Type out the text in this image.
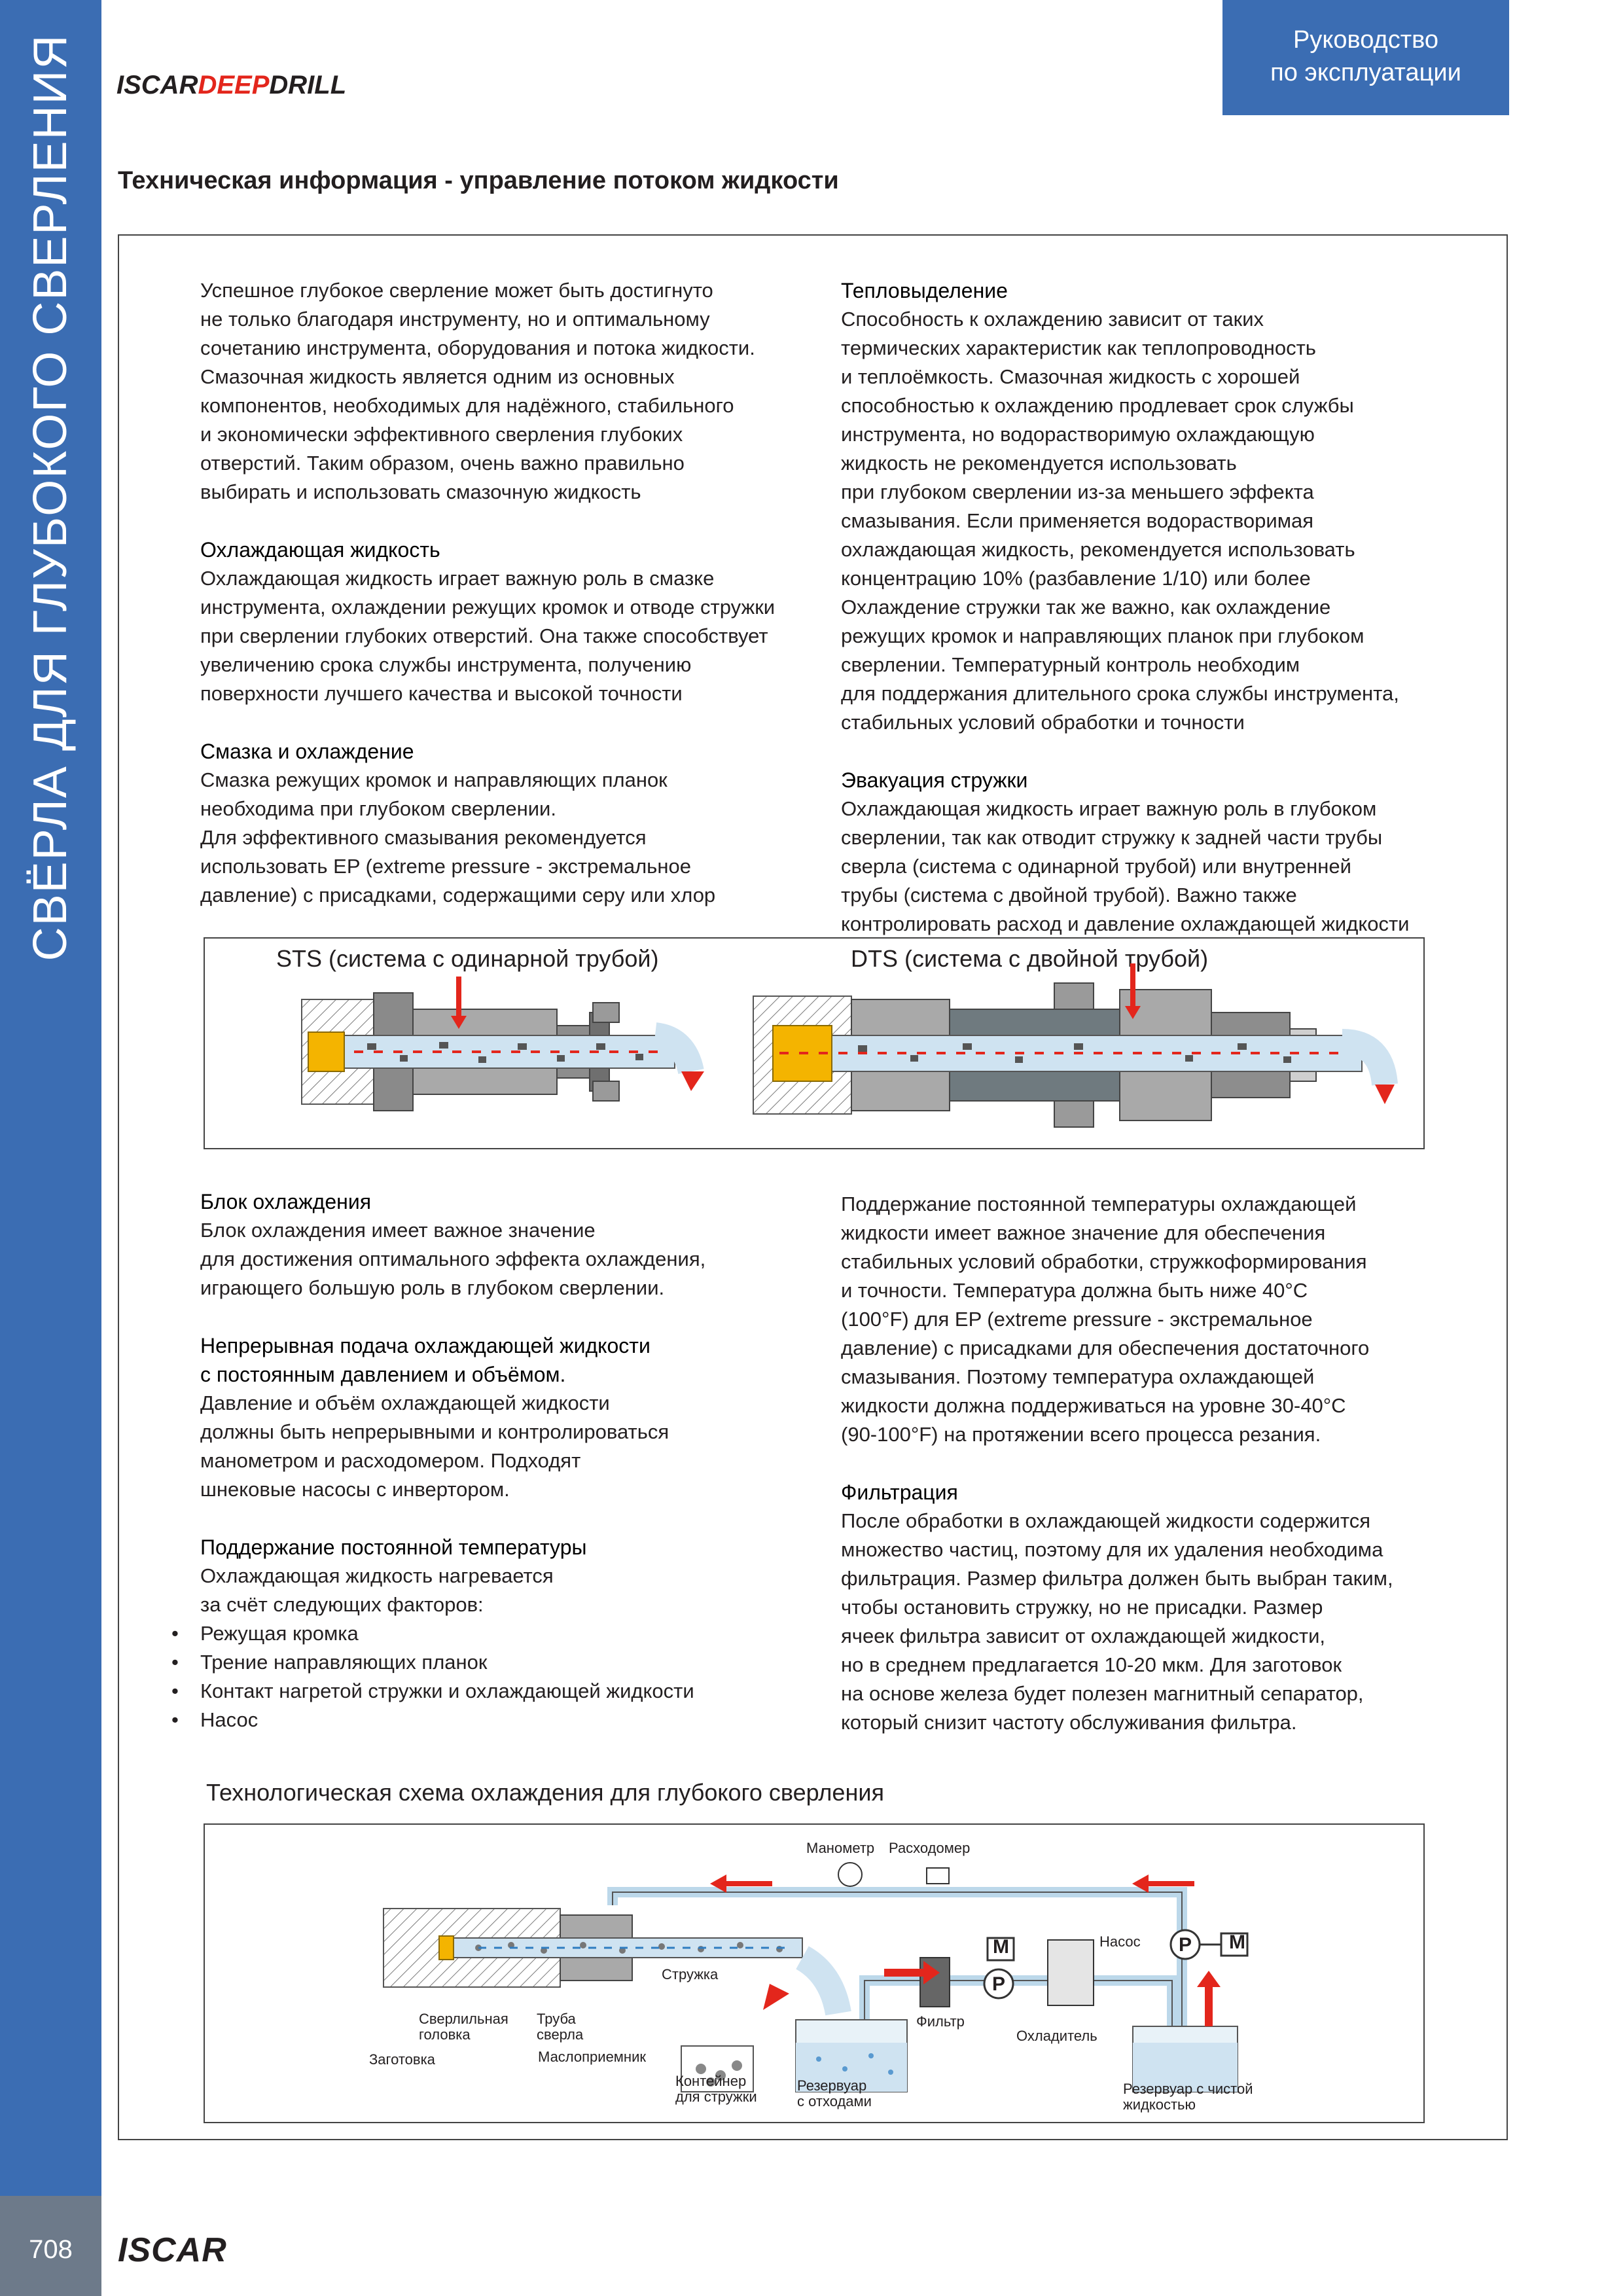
СВЁРЛА ДЛЯ ГЛУБОКОГО СВЕРЛЕНИЯ
708	ISCAR
ISCARDEEPDRILL
Руководство
по эксплуатации
Техническая информация - управление потоком жидкости

Успешное глубокое сверление может быть достигнуто

не только благодаря инструменту, но и оптимальному

сочетанию инструмента, оборудования и потока жидкости.

Смазочная жидкость является одним из основных

компонентов, необходимых для надёжного, стабильного

и экономически эффективного сверления глубоких

отверстий. Таким образом, очень важно правильно

выбирать и использовать смазочную жидкость

Охлаждающая жидкость

Охлаждающая жидкость играет важную роль в смазке

инструмента, охлаждении режущих кромок и отводе стружки

при сверлении глубоких отверстий. Она также способствует

увеличению срока службы инструмента, получению

поверхности лучшего качества и высокой точности

Смазка и охлаждение

Смазка режущих кромок и направляющих планок

необходима при глубоком сверлении.

Для эффективного смазывания рекомендуется

использовать EP (extreme pressure - экстремальное

давление) с присадками, содержащими серу или хлор

Тепловыделение

Способность к охлаждению зависит от таких

термических характеристик как теплопроводность

и теплоёмкость. Смазочная жидкость с хорошей

способностью к охлаждению продлевает срок службы

инструмента, но водорастворимую охлаждающую

жидкость не рекомендуется использовать

при глубоком сверлении из-за меньшего эффекта

смазывания. Если применяется водорастворимая

охлаждающая жидкость, рекомендуется использовать

концентрацию 10% (разбавление 1/10) или более

Охлаждение стружки так же важно, как охлаждение

режущих кромок и направляющих планок при глубоком

сверлении. Температурный контроль необходим

для поддержания длительного срока службы инструмента,

стабильных условий обработки и точности

Эвакуация стружки

Охлаждающая жидкость играет важную роль в глубоком

сверлении, так как отводит стружку к задней части трубы

сверла (система с одинарной трубой) или внутренней

трубы (система с двойной трубой). Важно также

контролировать расход и давление охлаждающей жидкости

STS (система с одинарной трубой)	DTS (система с двойной трубой)
Блок охлаждения

Блок охлаждения имеет важное значение

для достижения оптимального эффекта охлаждения,

играющего большую роль в глубоком сверлении.

Непрерывная подача охлаждающей жидкости
с постоянным давлением и объёмом.

Давление и объём охлаждающей жидкости

должны быть непрерывными и контролироваться

манометром и расходомером. Подходят

шнековые насосы с инвертором.

Поддержание постоянной температуры

Охлаждающая жидкость нагревается

за счёт следующих факторов:

• Режущая кромка
• Трение направляющих планок
• Контакт нагретой стружки и охлаждающей жидкости
• Насос

Поддержание постоянной температуры охлаждающей

жидкости имеет важное значение для обеспечения

стабильных условий обработки, стружкоформирования

и точности. Температура должна быть ниже 40°C

(100°F) для EP (extreme pressure - экстремальное

давление) с присадками для обеспечения достаточного

смазывания. Поэтому температура охлаждающей

жидкости должна поддерживаться на уровне 30-40°C

(90-100°F) на протяжении всего процесса резания.

Фильтрация

После обработки в охлаждающей жидкости содержится

множество частиц, поэтому для их удаления необходима

фильтрация. Размер фильтра должен быть выбран таким,

чтобы остановить стружку, но не присадки. Размер

ячеек фильтра зависит от охлаждающей жидкости,

но в среднем предлагается 10-20 мкм. Для заготовок

на основе железа будет полезен магнитный сепаратор,

который снизит частоту обслуживания фильтра.

Технологическая схема охлаждения для глубокого сверления
Манометр Расходомер
M
P
P M
Насос
Стружка
Фильтр
Охладитель
Сверлильная
головка
Труба
сверла
Заготовка	Маслоприемник
Контейнер
для стружки
Резервуар
с отходами
Резервуар с чистой
жидкостью
